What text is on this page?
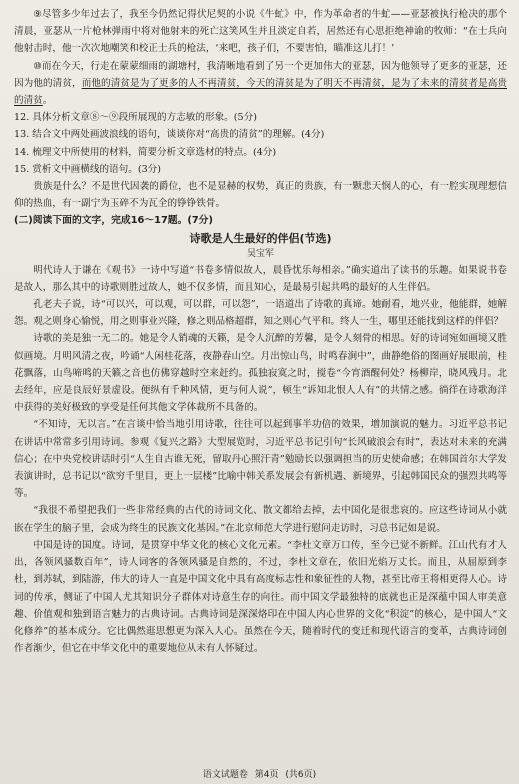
⑨尽管多少年过去了，我至今仍然记得伏尼契的小说《牛虻》中，作为革命者的牛虻——亚瑟被执行枪决的那个清晨，亚瑟从一片枪林弹雨中将对他射来的死亡这笑风生并且淡定自若，居然还有心思拒绝神谕的牧师：“在士兵向他射击时，他一次次地嘲笑和校正士兵的枪法，‘来吧，孩子们，不要害怕，瞄准这儿打！’

⑩而在今天，行走在蒙蒙细雨的湖塘村，我清晰地看到了另一个更加伟大的亚瑟，因为他领导了更多的亚瑟，还因为他的清贫，而他的清贫是为了更多的人不再清贫，今天的清贫是为了明天不再清贫，是为了未来的清贫者是高贵的清贫。

12. 具体分析文章⑧～⑨段所展现的方志敏的形象。(5分)

13. 结合文中两处画波浪线的语句，谈谈你对“高贵的清贫”的理解。(4分)

14. 梳理文中所使用的材料，简要分析文章选材的特点。(4分)

15. 赏析文中画横线的语句。(3分)

贵族是什么？不是世代因袭的爵位，也不是显赫的权势，真正的贵族，有一颗悲天悯人的心，有一腔实现理想信仰的热血，有一副宁为玉碎不为瓦全的铮铮铁骨。

(二)阅读下面的文字，完成16～17题。(7分)

诗歌是人生最好的伴侣(节选)

吴宝军

明代诗人于谦在《观书》一诗中写道“书卷多情似故人，晨昏忧乐每相亲。”确实道出了读书的乐趣。如果说书卷是故人，那么其中的诗歌则胜过故人，她不仅多情，而且知心，是最易引起共鸣的最好的人生伴侣。

孔老夫子说，诗“可以兴，可以观，可以群，可以怨”，一语道出了诗歌的真谛。她耐看，地兴业，他能群，她解怨。观之则身心愉悦，用之则事业兴隆，修之则品格超群，知之则心气平和。终人一生，哪里还能找到这样的伴侣？

诗歌的美是独一无二的。她是令人销魂的天籁，是令人沉醉的芳馨，是令人刻骨的相思。好的诗词宛如画境又胜似画境。月明风清之夜，吟诵“人闲桂花落，夜静春山空。月出惊山鸟，时鸣春涧中”，曲静绝俗的图画好展眼前，桂花飘落，山鸟啼鸣的天籁之音也仿佛穿越时空来赶约。孤独寂寞之时，搅卷“今宵酒醒何处？杨柳岸，晓风残月。北去经年，应是良辰好景虚设。便纵有千种风情，更与何人说”，顿生“诉知北恨人人有”的共情之感。徜徉在诗歌海洋中获得的美好极致的享受是任何其他文学体裁所不具备的。

“不知诗，无以言。”在言谈中恰当地引用诗歌，往往可以起到事半功倍的效果，增加演说的魅力。习近平总书记在讲话中常常多引用诗词。参观《复兴之路》大型展览时，习近平总书记引句“长风破浪会有时”，表达对未来的充满信心；在中央党校讲话时引“人生自古谁无死，留取丹心照汗青”勉励长以强调担当的历史使命感；在韩国首尔大学发表演讲时，总书记以“欲穷千里目，更上一层楼”比喻中韩关系发展会有新机遇、新境界，引起韩国民众的强烈共鸣等等。

“我很不希望把我们一些非常经典的古代的诗词文化、散文都给去掉，去中国化是很悲哀的。应这些诗词从小就嵌在学生的脑子里，会成为终生的民族文化基因。”在北京师范大学进行慰问走访时，习总书记如是说。

中国是诗的国度。诗词，是贯穿中华文化的核心文化元素。“李杜文章万口传，至今已觉不新鲜。江山代有才人出，各领风骚数百年”，诗人词客的各领风骚是自然的，不过，李杜文章在，依旧光焰万丈长。而且，从屈原到李杜，到苏轼，到陆游，伟大的诗人一直是中国文化中具有高度标志性和象征性的人物，甚至比帝王将相更得人心。诗词的传承，侧证了中国人尤其知识分子群体对诗意生存的向往。而中国文学最独特的底就也正是深蕴中国人审美意趣、价值观和独到语言魅力的古典诗词。古典诗词是深深烙印在中国人内心世界的文化“积淀”的核心，是中国人“文化修养”的基本成分。它比偶然逛思想更为深入人心。虽然在今天，随着时代的变迁和现代语言的变革，古典诗词创作者渐少，但它在中华文化中的重要地位从未有人怀疑过。

语文试题卷 第4页 (共6页)
